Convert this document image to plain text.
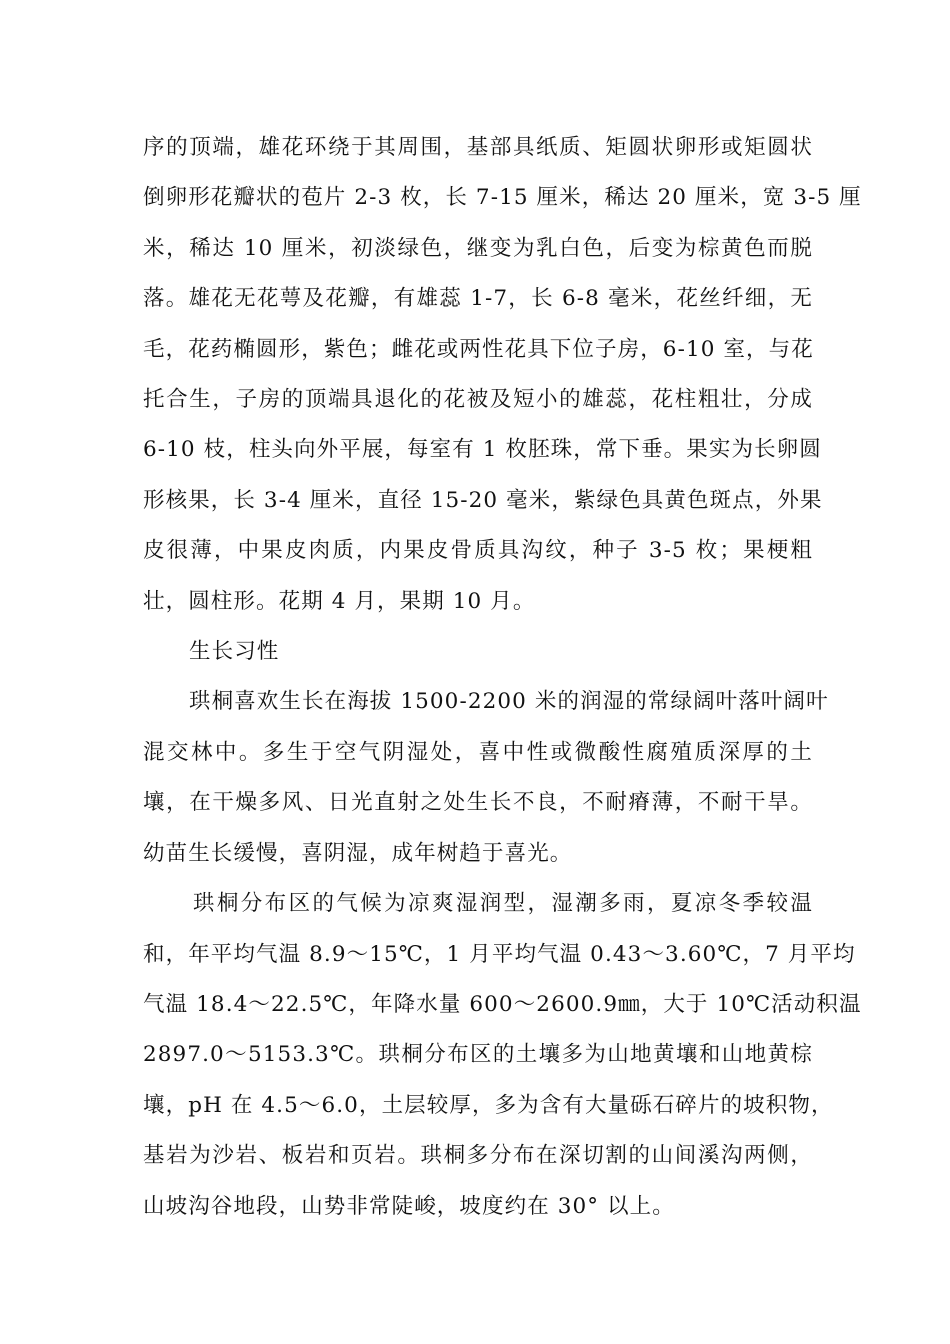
序的顶端，雄花环绕于其周围，基部具纸质、矩圆状卵形或矩圆状
倒卵形花瓣状的苞片 2-3 枚，长 7-15 厘米，稀达 20 厘米，宽 3-5 厘
米，稀达 10 厘米，初淡绿色，继变为乳白色，后变为棕黄色而脱
落。雄花无花萼及花瓣，有雄蕊 1-7，长 6-8 毫米，花丝纤细，无
毛，花药椭圆形，紫色；雌花或两性花具下位子房，6-10 室，与花
托合生，子房的顶端具退化的花被及短小的雄蕊，花柱粗壮，分成
6-10 枝，柱头向外平展，每室有 1 枚胚珠，常下垂。果实为长卵圆
形核果，长 3-4 厘米，直径 15-20 毫米，紫绿色具黄色斑点，外果
皮很薄，中果皮肉质，内果皮骨质具沟纹，种子 3-5 枚；果梗粗
壮，圆柱形。花期 4 月，果期 10 月。

生长习性

珙桐喜欢生长在海拔 1500-2200 米的润湿的常绿阔叶落叶阔叶
混交林中。多生于空气阴湿处，喜中性或微酸性腐殖质深厚的土
壤，在干燥多风、日光直射之处生长不良，不耐瘠薄，不耐干旱。
幼苗生长缓慢，喜阴湿，成年树趋于喜光。

珙桐分布区的气候为凉爽湿润型，湿潮多雨，夏凉冬季较温
和，年平均气温 8.9～15℃，1 月平均气温 0.43～3.60℃，7 月平均
气温 18.4～22.5℃，年降水量 600～2600.9㎜，大于 10℃活动积温
2897.0～5153.3℃。珙桐分布区的土壤多为山地黄壤和山地黄棕
壤，pH 在 4.5～6.0，土层较厚，多为含有大量砾石碎片的坡积物，
基岩为沙岩、板岩和页岩。珙桐多分布在深切割的山间溪沟两侧，
山坡沟谷地段，山势非常陡峻，坡度约在 30° 以上。
